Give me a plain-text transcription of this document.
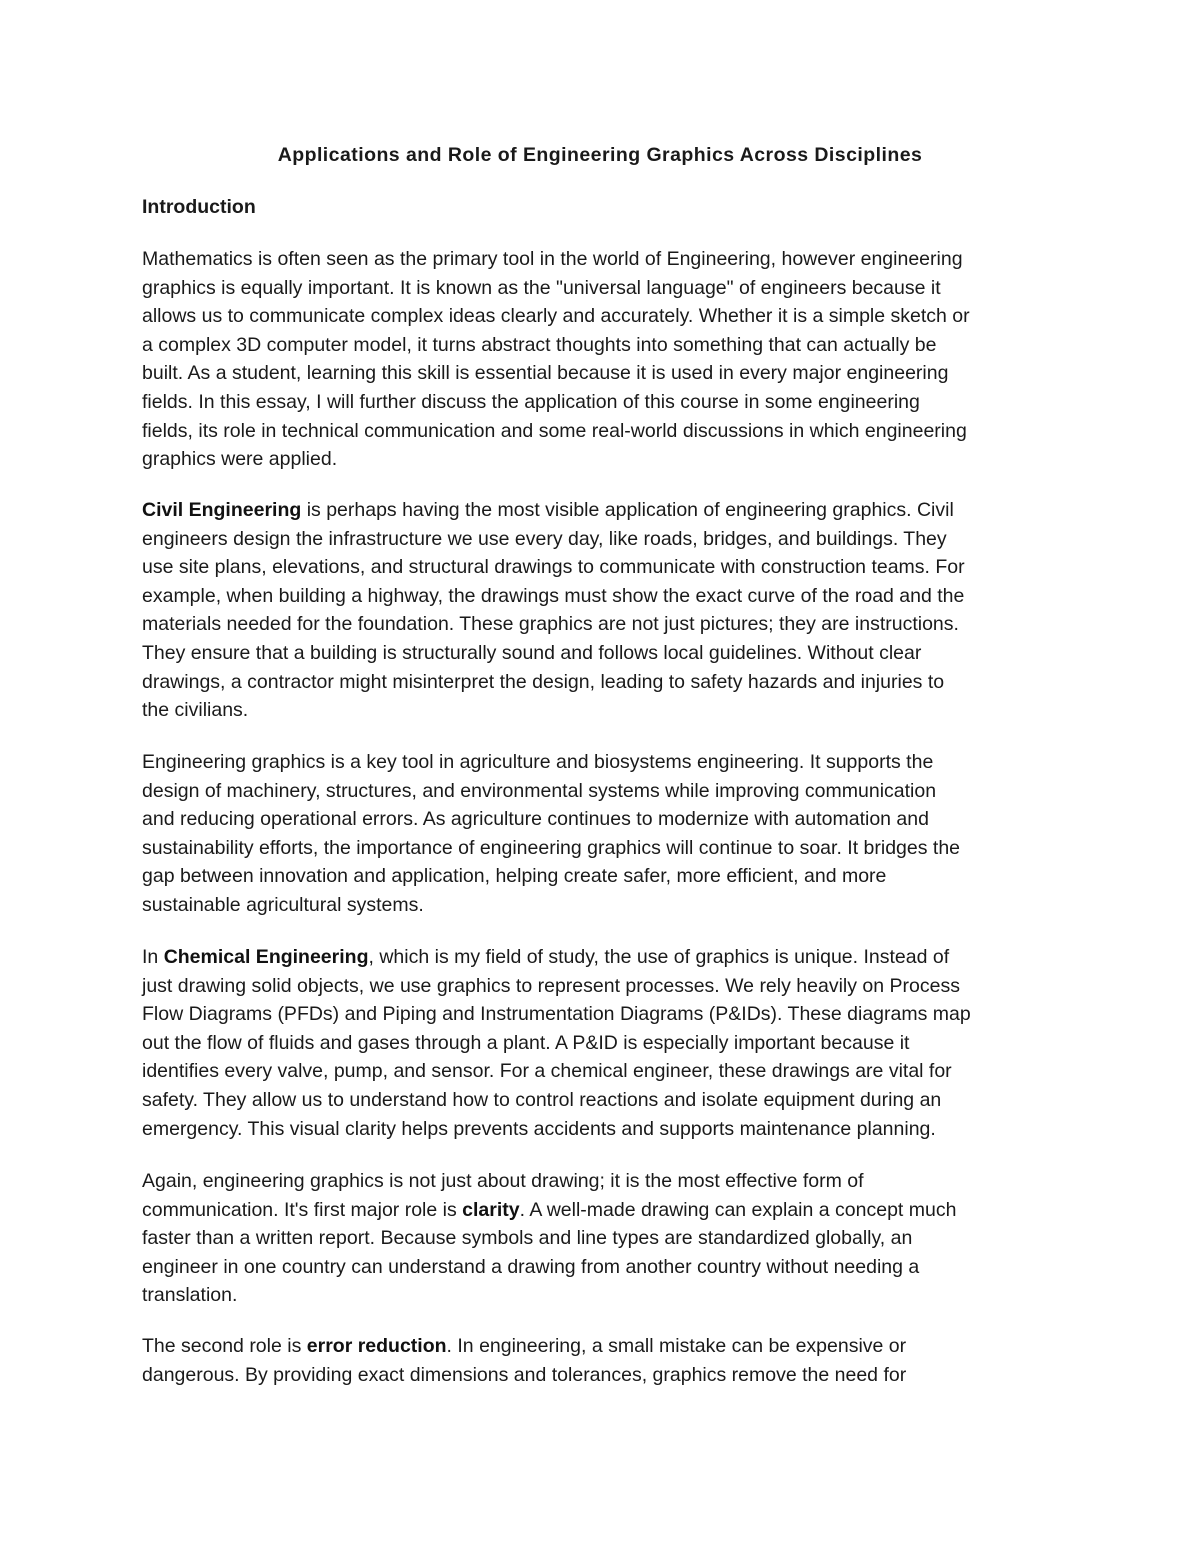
Applications and Role of Engineering Graphics Across Disciplines
Introduction

Mathematics is often seen as the primary tool in the world of Engineering, however engineering
graphics is equally important. It is known as the "universal language" of engineers because it
allows us to communicate complex ideas clearly and accurately. Whether it is a simple sketch or
a complex 3D computer model, it turns abstract thoughts into something that can actually be
built. As a student, learning this skill is essential because it is used in every major engineering
fields. In this essay, I will further discuss the application of this course in some engineering
fields, its role in technical communication and some real-world discussions in which engineering
graphics were applied.

Civil Engineering is perhaps having the most visible application of engineering graphics. Civil
engineers design the infrastructure we use every day, like roads, bridges, and buildings. They
use site plans, elevations, and structural drawings to communicate with construction teams. For
example, when building a highway, the drawings must show the exact curve of the road and the
materials needed for the foundation. These graphics are not just pictures; they are instructions.
They ensure that a building is structurally sound and follows local guidelines. Without clear
drawings, a contractor might misinterpret the design, leading to safety hazards and injuries to
the civilians.

Engineering graphics is a key tool in agriculture and biosystems engineering. It supports the
design of machinery, structures, and environmental systems while improving communication
and reducing operational errors. As agriculture continues to modernize with automation and
sustainability efforts, the importance of engineering graphics will continue to soar. It bridges the
gap between innovation and application, helping create safer, more efficient, and more
sustainable agricultural systems.

In Chemical Engineering, which is my field of study, the use of graphics is unique. Instead of
just drawing solid objects, we use graphics to represent processes. We rely heavily on Process
Flow Diagrams (PFDs) and Piping and Instrumentation Diagrams (P&IDs). These diagrams map
out the flow of fluids and gases through a plant. A P&ID is especially important because it
identifies every valve, pump, and sensor. For a chemical engineer, these drawings are vital for
safety. They allow us to understand how to control reactions and isolate equipment during an
emergency. This visual clarity helps prevents accidents and supports maintenance planning.

Again, engineering graphics is not just about drawing; it is the most effective form of
communication. It's first major role is clarity. A well-made drawing can explain a concept much
faster than a written report. Because symbols and line types are standardized globally, an
engineer in one country can understand a drawing from another country without needing a
translation.

The second role is error reduction. In engineering, a small mistake can be expensive or
dangerous. By providing exact dimensions and tolerances, graphics remove the need for
